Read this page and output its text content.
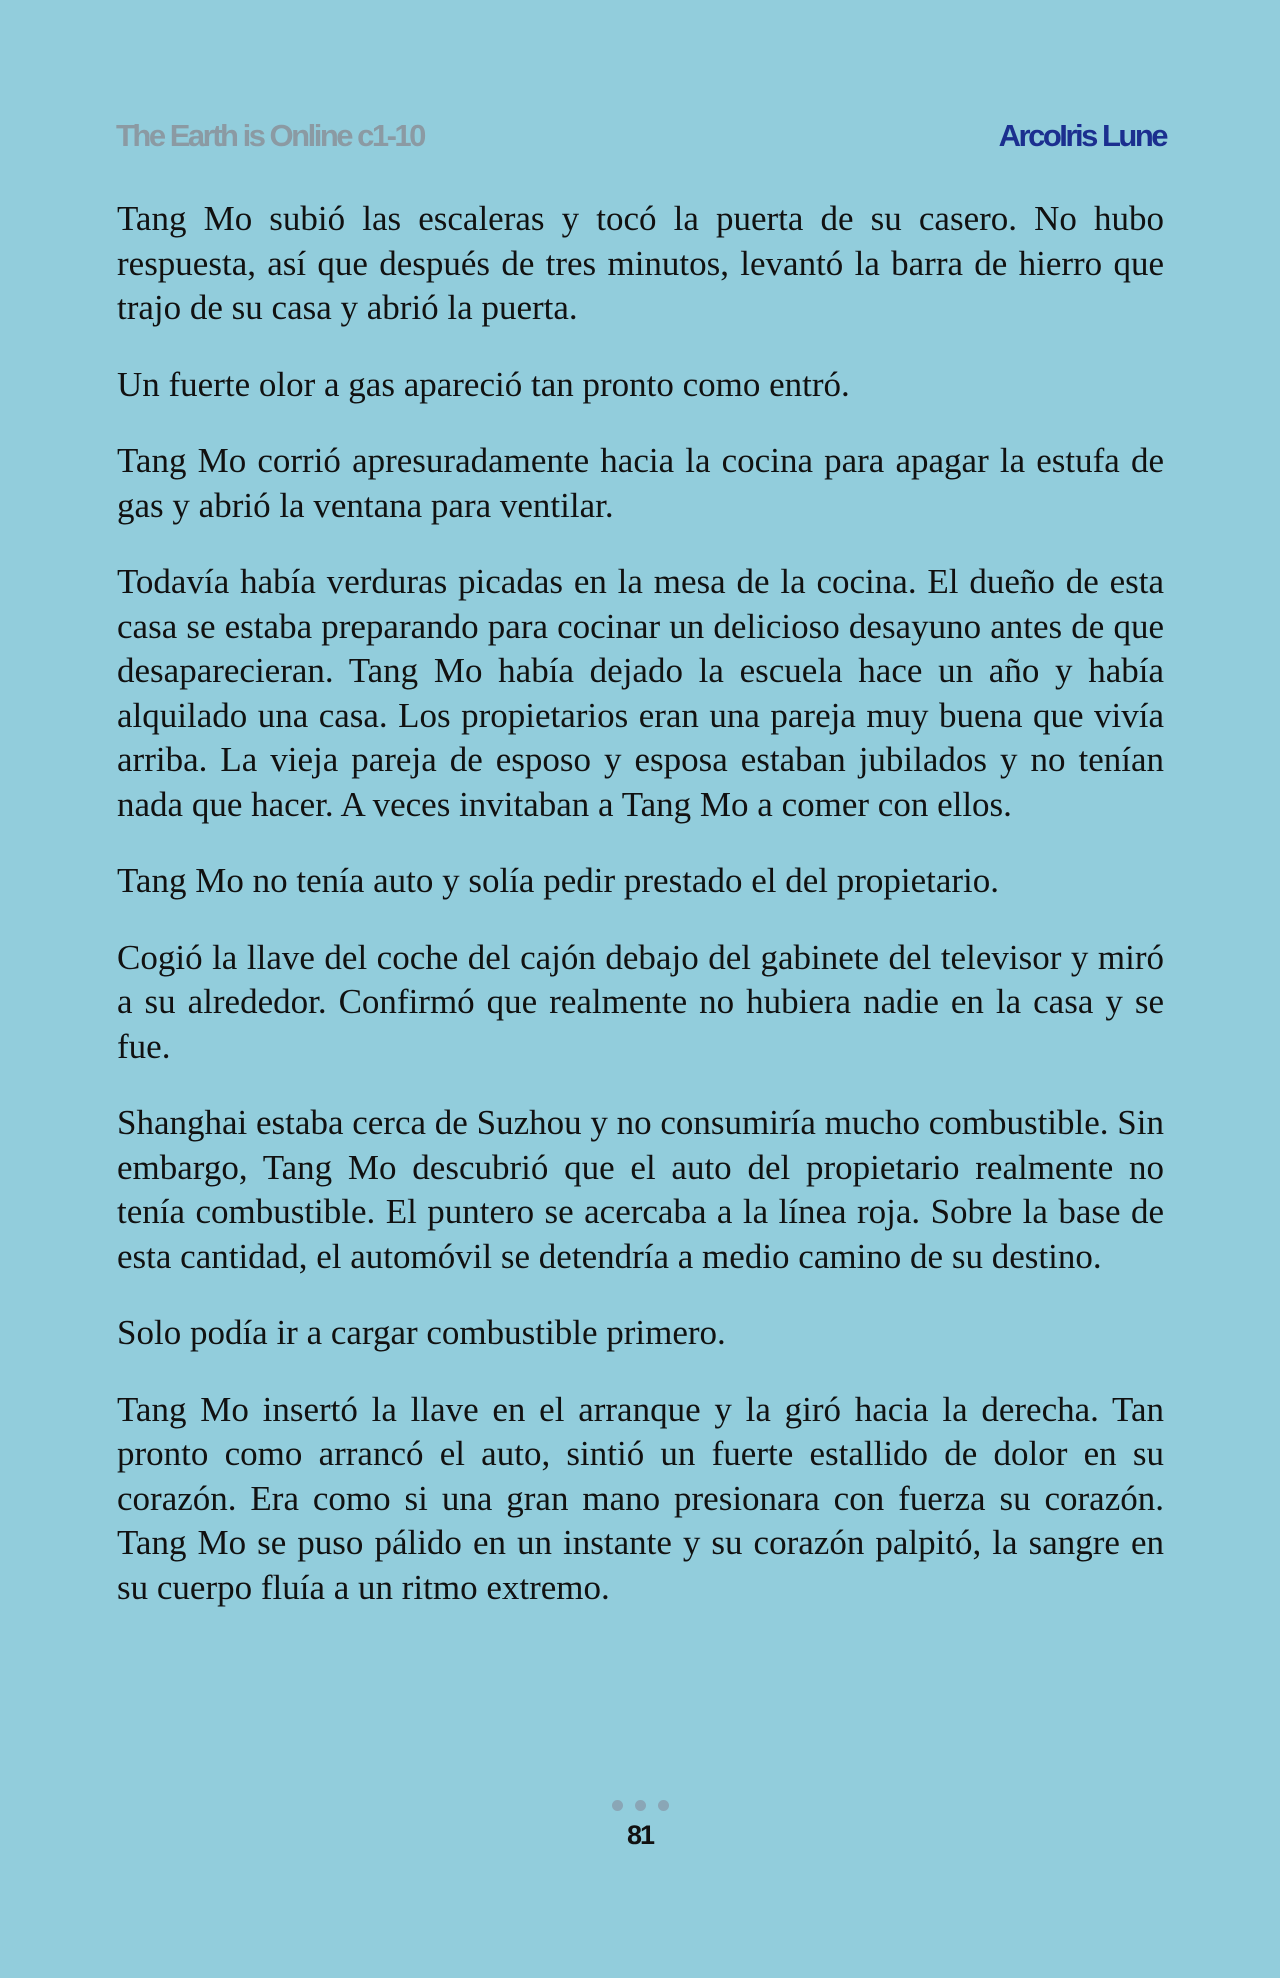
The Earth is Online c1-10	ArcoIris Lune

Tang Mo subió las escaleras y tocó la puerta de su casero. No hubo respuesta, así que después de tres minutos, levantó la barra de hierro que trajo de su casa y abrió la puerta.

Un fuerte olor a gas apareció tan pronto como entró.

Tang Mo corrió apresuradamente hacia la cocina para apagar la estufa de gas y abrió la ventana para ventilar.

Todavía había verduras picadas en la mesa de la cocina. El dueño de esta casa se estaba preparando para cocinar un delicioso desayuno antes de que desaparecieran. Tang Mo había dejado la escuela hace un año y había alquilado una casa. Los propietarios eran una pareja muy buena que vivía arriba. La vieja pareja de esposo y esposa estaban jubilados y no tenían nada que hacer. A veces invitaban a Tang Mo a comer con ellos.

Tang Mo no tenía auto y solía pedir prestado el del propietario.

Cogió la llave del coche del cajón debajo del gabinete del televisor y miró a su alrededor. Confirmó que realmente no hubiera nadie en la casa y se fue.

Shanghai estaba cerca de Suzhou y no consumiría mucho combustible. Sin embargo, Tang Mo descubrió que el auto del propietario realmente no tenía combustible. El puntero se acercaba a la línea roja. Sobre la base de esta cantidad, el automóvil se detendría a medio camino de su destino.

Solo podía ir a cargar combustible primero.

Tang Mo insertó la llave en el arranque y la giró hacia la derecha. Tan pronto como arrancó el auto, sintió un fuerte estallido de dolor en su corazón. Era como si una gran mano presionara con fuerza su corazón. Tang Mo se puso pálido en un instante y su corazón palpitó, la sangre en su cuerpo fluía a un ritmo extremo.

81
